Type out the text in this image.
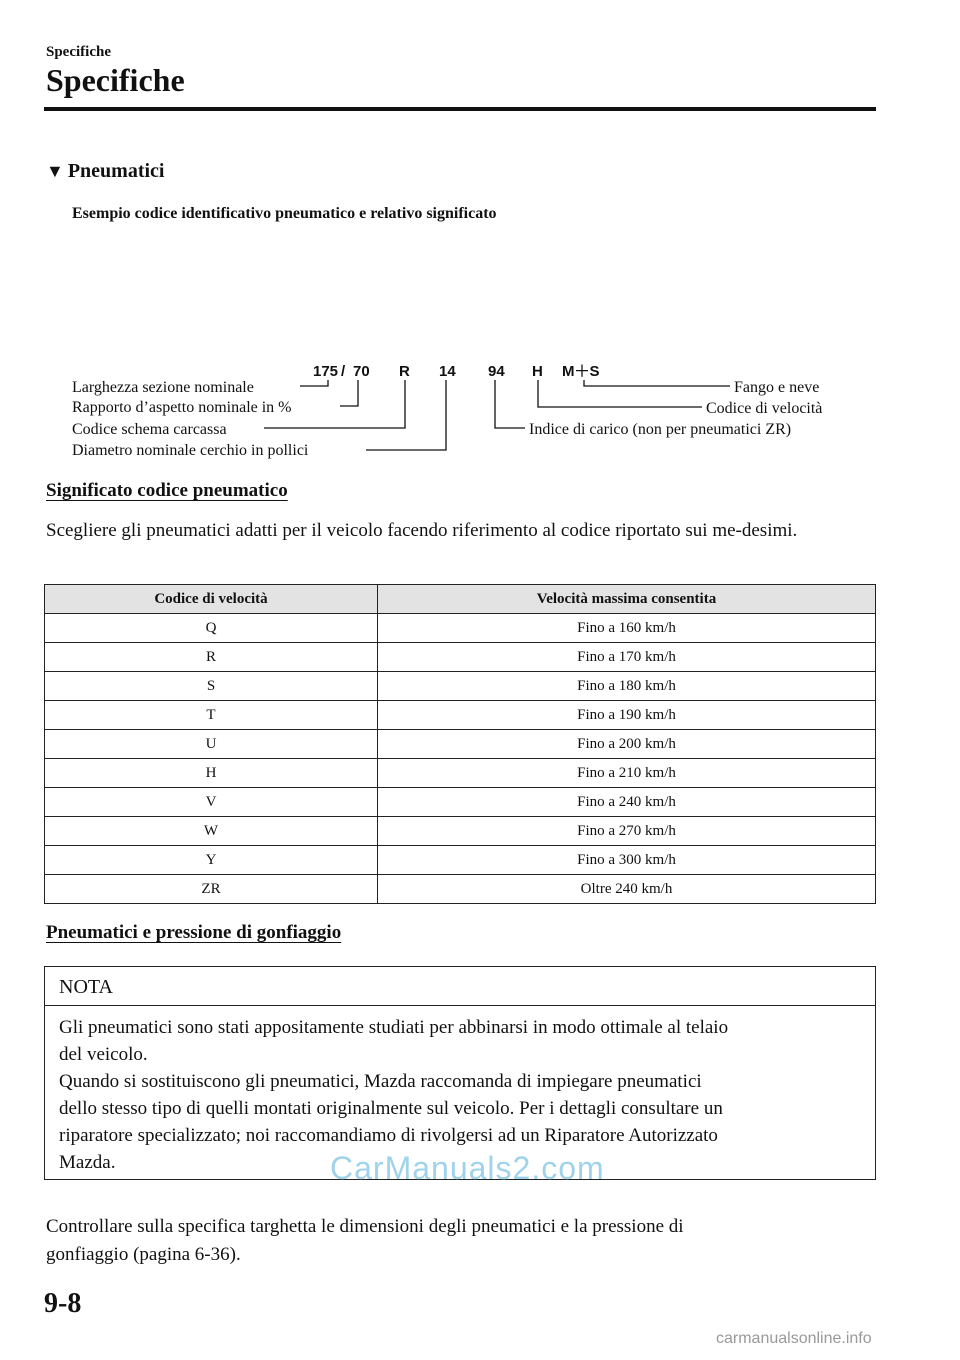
Specifiche
Specifiche
▼ Pneumatici
Esempio codice identificativo pneumatico e relativo significato
175 / 70 R 14 94 H M＋S
Larghezza sezione nominale
Rapporto d’aspetto nominale in %
Codice schema carcassa
Diametro nominale cerchio in pollici
Fango e neve
Codice di velocità
Indice di carico (non per pneumatici ZR)
Significato codice pneumatico
Scegliere gli pneumatici adatti per il veicolo facendo riferimento al codice riportato sui me-desimi.
Codice di velocità	Velocità massima consentita
Q	Fino a 160 km/h
R	Fino a 170 km/h
S	Fino a 180 km/h
T	Fino a 190 km/h
U	Fino a 200 km/h
H	Fino a 210 km/h
V	Fino a 240 km/h
W	Fino a 270 km/h
Y	Fino a 300 km/h
ZR	Oltre 240 km/h
Pneumatici e pressione di gonfiaggio
NOTA
Gli pneumatici sono stati appositamente studiati per abbinarsi in modo ottimale al telaio
del veicolo.
Quando si sostituiscono gli pneumatici, Mazda raccomanda di impiegare pneumatici
dello stesso tipo di quelli montati originalmente sul veicolo. Per i dettagli consultare un
riparatore specializzato; noi raccomandiamo di rivolgersi ad un Riparatore Autorizzato
Mazda.	CarManuals2.com
Controllare sulla specifica targhetta le dimensioni degli pneumatici e la pressione di
gonfiaggio (pagina 6-36).
9-8
carmanualsonline.info
